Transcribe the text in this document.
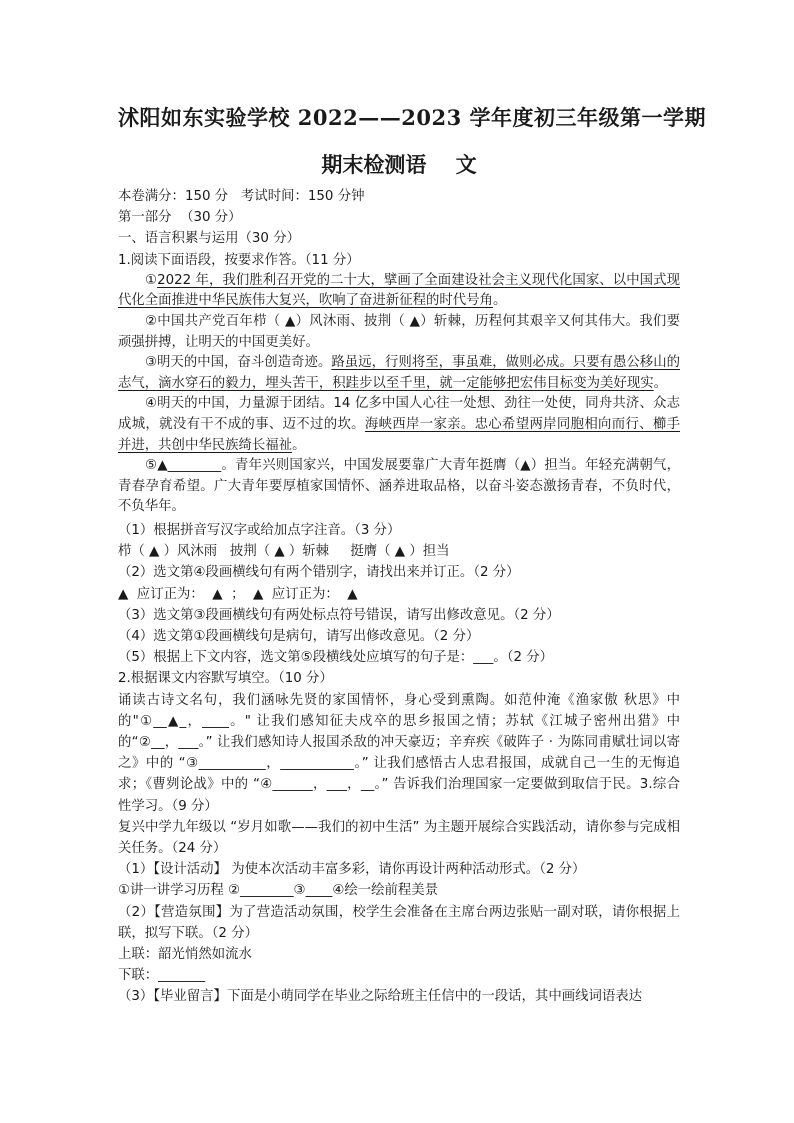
沭阳如东实验学校 2022——2023 学年度初三年级第一学期
期末检测语    文

本卷满分：150 分   考试时间：150 分钟

第一部分  （30 分）

一、语言积累与运用（30 分）

1.阅读下面语段，按要求作答。（11 分）

①2022 年，我们胜利召开党的二十大，擘画了全面建设社会主义现代化国家、以中国式现代化全面推进中华民族伟大复兴，吹响了奋进新征程的时代号角。

②中国共产党百年栉（ ▲）风沐雨、披荆（ ▲）斩棘，历程何其艰辛又何其伟大。我们要顽强拼搏，让明天的中国更美好。

③明天的中国，奋斗创造奇迹。路虽远，行则将至，事虽难，做则必成。只要有愚公移山的志气，滴水穿石的毅力，埋头苦干，积跬步以至千里，就一定能够把宏伟目标变为美好现实。

④明天的中国，力量源于团结。14 亿多中国人心往一处想、劲往一处使，同舟共济、众志成城，就没有干不成的事、迈不过的坎。海峡西岸一家亲。忠心希望两岸同胞相向而行、櫛手并进，共创中华民族绮长福祉。

⑤▲________。青年兴则国家兴，中国发展要靠广大青年挺膺（▲）担当。年轻充满朝气，青春孕育希望。广大青年要厚植家国情怀、涵养进取品格，以奋斗姿态激扬青春，不负时代，不负华年。

（1）根据拼音写汉字或给加点字注音。（3 分）

栉（ ▲ ）风沐雨   披荆（ ▲ ）斩棘     挺膺（ ▲ ）担当

（2）选文第④段画横线句有两个错别字，请找出来并订正。（2 分）

▲  应订正为：  ▲  ；  ▲  应订正为：  ▲

（3）选文第③段画横线句有两处标点符号错误，请写出修改意见。（2 分）

（4）选文第①段画横线句是病句，请写出修改意见。（2 分）

（5）根据上下文内容，选文第⑤段横线处应填写的句子是：___。（2 分）

2.根据课文内容默写填空。（10 分）

诵读古诗文名句，我们涵咏先贤的家国情怀，身心受到熏陶。如范仲淹《渔家傲 秋思》中的"①__▲_，____。" 让我们感知征夫戍卒的思乡报国之情；苏轼《江城子密州出猎》中的“②__，___。” 让我们感知诗人报国杀敌的冲天豪迈；辛弃疾《破阵子 · 为陈同甫赋壮词以寄之》中的 “③__________，___________。” 让我们感悟古人忠君报国，成就自己一生的无悔追求；《曹刿论战》中的 “④______，___，__。” 告诉我们治理国家一定要做到取信于民。3.综合性学习。（9 分）

复兴中学九年级以 “岁月如歌——我们的初中生活” 为主题开展综合实践活动，请你参与完成相关任务。（24 分）

（1）【设计活动】 为使本次活动丰富多彩，请你再设计两种活动形式。（2 分）

①讲一讲学习历程 ②________③____④绘一绘前程美景

（2）【营造氛围】为了营造活动氛围，校学生会准备在主席台两边张贴一副对联，请你根据上联，拟写下联。（2 分）

上联：韶光悄然如流水

下联：_______

（3）【毕业留言】下面是小萌同学在毕业之际给班主任信中的一段话，其中画线词语表达
